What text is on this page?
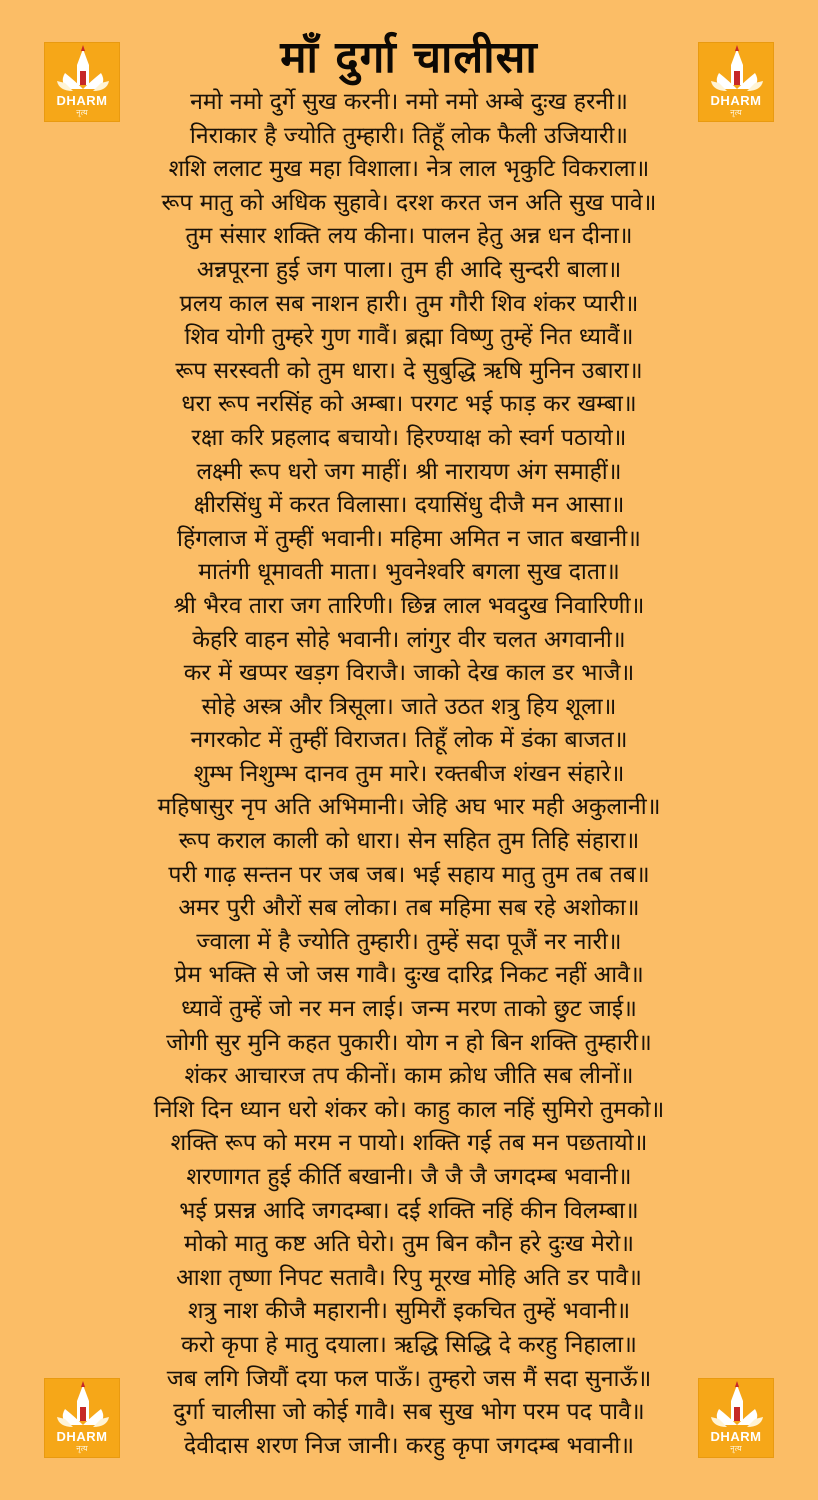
माँ दुर्गा चालीसा
नमो नमो दुर्गे सुख करनी। नमो नमो अम्बे दुःख हरनी॥
निराकार है ज्योति तुम्हारी। तिहूँ लोक फैली उजियारी॥
शशि ललाट मुख महा विशाला। नेत्र लाल भृकुटि विकराला॥
रूप मातु को अधिक सुहावे। दरश करत जन अति सुख पावे॥
तुम संसार शक्ति लय कीना। पालन हेतु अन्न धन दीना॥
अन्नपूरना हुई जग पाला। तुम ही आदि सुन्दरी बाला॥
प्रलय काल सब नाशन हारी। तुम गौरी शिव शंकर प्यारी॥
शिव योगी तुम्हरे गुण गावैं। ब्रह्मा विष्णु तुम्हें नित ध्यावैं॥
रूप सरस्वती को तुम धारा। दे सुबुद्धि ऋषि मुनिन उबारा॥
धरा रूप नरसिंह को अम्बा। परगट भई फाड़ कर खम्बा॥
रक्षा करि प्रहलाद बचायो। हिरण्याक्ष को स्वर्ग पठायो॥
लक्ष्मी रूप धरो जग माहीं। श्री नारायण अंग समाहीं॥
क्षीरसिंधु में करत विलासा। दयासिंधु दीजै मन आसा॥
हिंगलाज में तुम्हीं भवानी। महिमा अमित न जात बखानी॥
मातंगी धूमावती माता। भुवनेश्वरि बगला सुख दाता॥
श्री भैरव तारा जग तारिणी। छिन्न लाल भवदुख निवारिणी॥
केहरि वाहन सोहे भवानी। लांगुर वीर चलत अगवानी॥
कर में खप्पर खड़ग विराजै। जाको देख काल डर भाजै॥
सोहे अस्त्र और त्रिसूला। जाते उठत शत्रु हिय शूला॥
नगरकोट में तुम्हीं विराजत। तिहूँ लोक में डंका बाजत॥
शुम्भ निशुम्भ दानव तुम मारे। रक्तबीज शंखन संहारे॥
महिषासुर नृप अति अभिमानी। जेहि अघ भार मही अकुलानी॥
रूप कराल काली को धारा। सेन सहित तुम तिहि संहारा॥
परी गाढ़ सन्तन पर जब जब। भई सहाय मातु तुम तब तब॥
अमर पुरी औरों सब लोका। तब महिमा सब रहे अशोका॥
ज्वाला में है ज्योति तुम्हारी। तुम्हें सदा पूजैं नर नारी॥
प्रेम भक्ति से जो जस गावै। दुःख दारिद्र निकट नहीं आवै॥
ध्यावें तुम्हें जो नर मन लाई। जन्म मरण ताको छुट जाई॥
जोगी सुर मुनि कहत पुकारी। योग न हो बिन शक्ति तुम्हारी॥
शंकर आचारज तप कीनों। काम क्रोध जीति सब लीनों॥
निशि दिन ध्यान धरो शंकर को। काहु काल नहिं सुमिरो तुमको॥
शक्ति रूप को मरम न पायो। शक्ति गई तब मन पछतायो॥
शरणागत हुई कीर्ति बखानी। जै जै जै जगदम्ब भवानी॥
भई प्रसन्न आदि जगदम्बा। दई शक्ति नहिं कीन विलम्बा॥
मोको मातु कष्ट अति घेरो। तुम बिन कौन हरे दुःख मेरो॥
आशा तृष्णा निपट सतावै। रिपु मूरख मोहि अति डर पावै॥
शत्रु नाश कीजै महारानी। सुमिरौं इकचित तुम्हें भवानी॥
करो कृपा हे मातु दयाला। ऋद्धि सिद्धि दे करहु निहाला॥
जब लगि जियौं दया फल पाऊँ। तुम्हरो जस मैं सदा सुनाऊँ॥
दुर्गा चालीसा जो कोई गावै। सब सुख भोग परम पद पावै॥
देवीदास शरण निज जानी। करहु कृपा जगदम्ब भवानी॥
DHARM
नृत्य
DHARM
नृत्य
DHARM
नृत्य
DHARM
नृत्य
